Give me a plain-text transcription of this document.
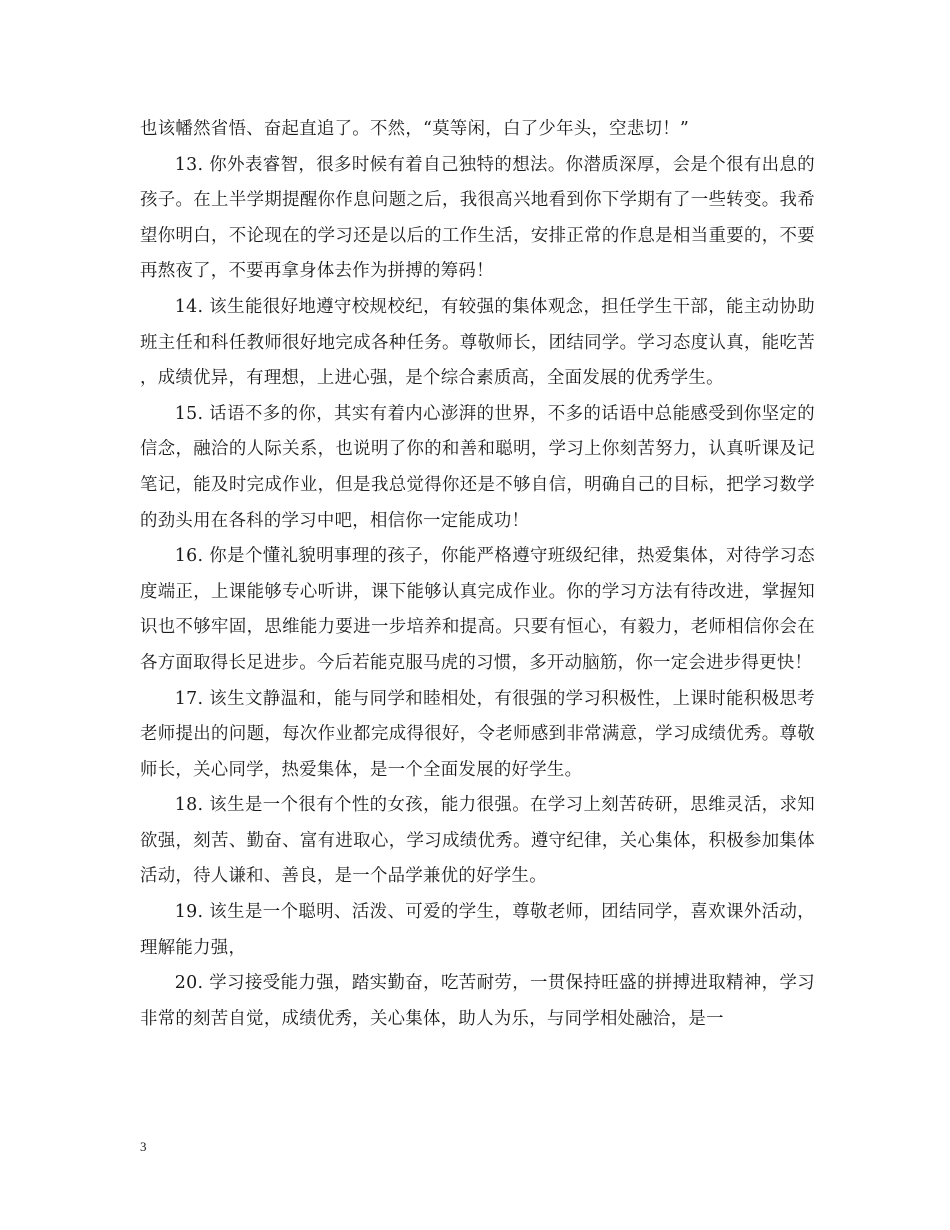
也该幡然省悟、奋起直追了。不然，“莫等闲，白了少年头，空悲切！”

13. 你外表睿智，很多时候有着自己独特的想法。你潜质深厚，会是个很有出息的孩子。在上半学期提醒你作息问题之后，我很高兴地看到你下学期有了一些转变。我希望你明白，不论现在的学习还是以后的工作生活，安排正常的作息是相当重要的，不要再熬夜了，不要再拿身体去作为拼搏的筹码！

14. 该生能很好地遵守校规校纪，有较强的集体观念，担任学生干部，能主动协助班主任和科任教师很好地完成各种任务。尊敬师长，团结同学。学习态度认真，能吃苦，成绩优异，有理想，上进心强，是个综合素质高，全面发展的优秀学生。

15. 话语不多的你，其实有着内心澎湃的世界，不多的话语中总能感受到你坚定的信念，融洽的人际关系，也说明了你的和善和聪明，学习上你刻苦努力，认真听课及记笔记，能及时完成作业，但是我总觉得你还是不够自信，明确自己的目标，把学习数学的劲头用在各科的学习中吧，相信你一定能成功！

16. 你是个懂礼貌明事理的孩子，你能严格遵守班级纪律，热爱集体，对待学习态度端正，上课能够专心听讲，课下能够认真完成作业。你的学习方法有待改进，掌握知识也不够牢固，思维能力要进一步培养和提高。只要有恒心，有毅力，老师相信你会在各方面取得长足进步。今后若能克服马虎的习惯，多开动脑筋，你一定会进步得更快！

17. 该生文静温和，能与同学和睦相处，有很强的学习积极性，上课时能积极思考老师提出的问题，每次作业都完成得很好，令老师感到非常满意，学习成绩优秀。尊敬师长，关心同学，热爱集体，是一个全面发展的好学生。

18. 该生是一个很有个性的女孩，能力很强。在学习上刻苦砖研，思维灵活，求知欲强，刻苦、勤奋、富有进取心，学习成绩优秀。遵守纪律，关心集体，积极参加集体活动，待人谦和、善良，是一个品学兼优的好学生。

19. 该生是一个聪明、活泼、可爱的学生，尊敬老师，团结同学，喜欢课外活动，理解能力强，

20. 学习接受能力强，踏实勤奋，吃苦耐劳，一贯保持旺盛的拼搏进取精神，学习非常的刻苦自觉，成绩优秀，关心集体，助人为乐，与同学相处融洽，是一

3
